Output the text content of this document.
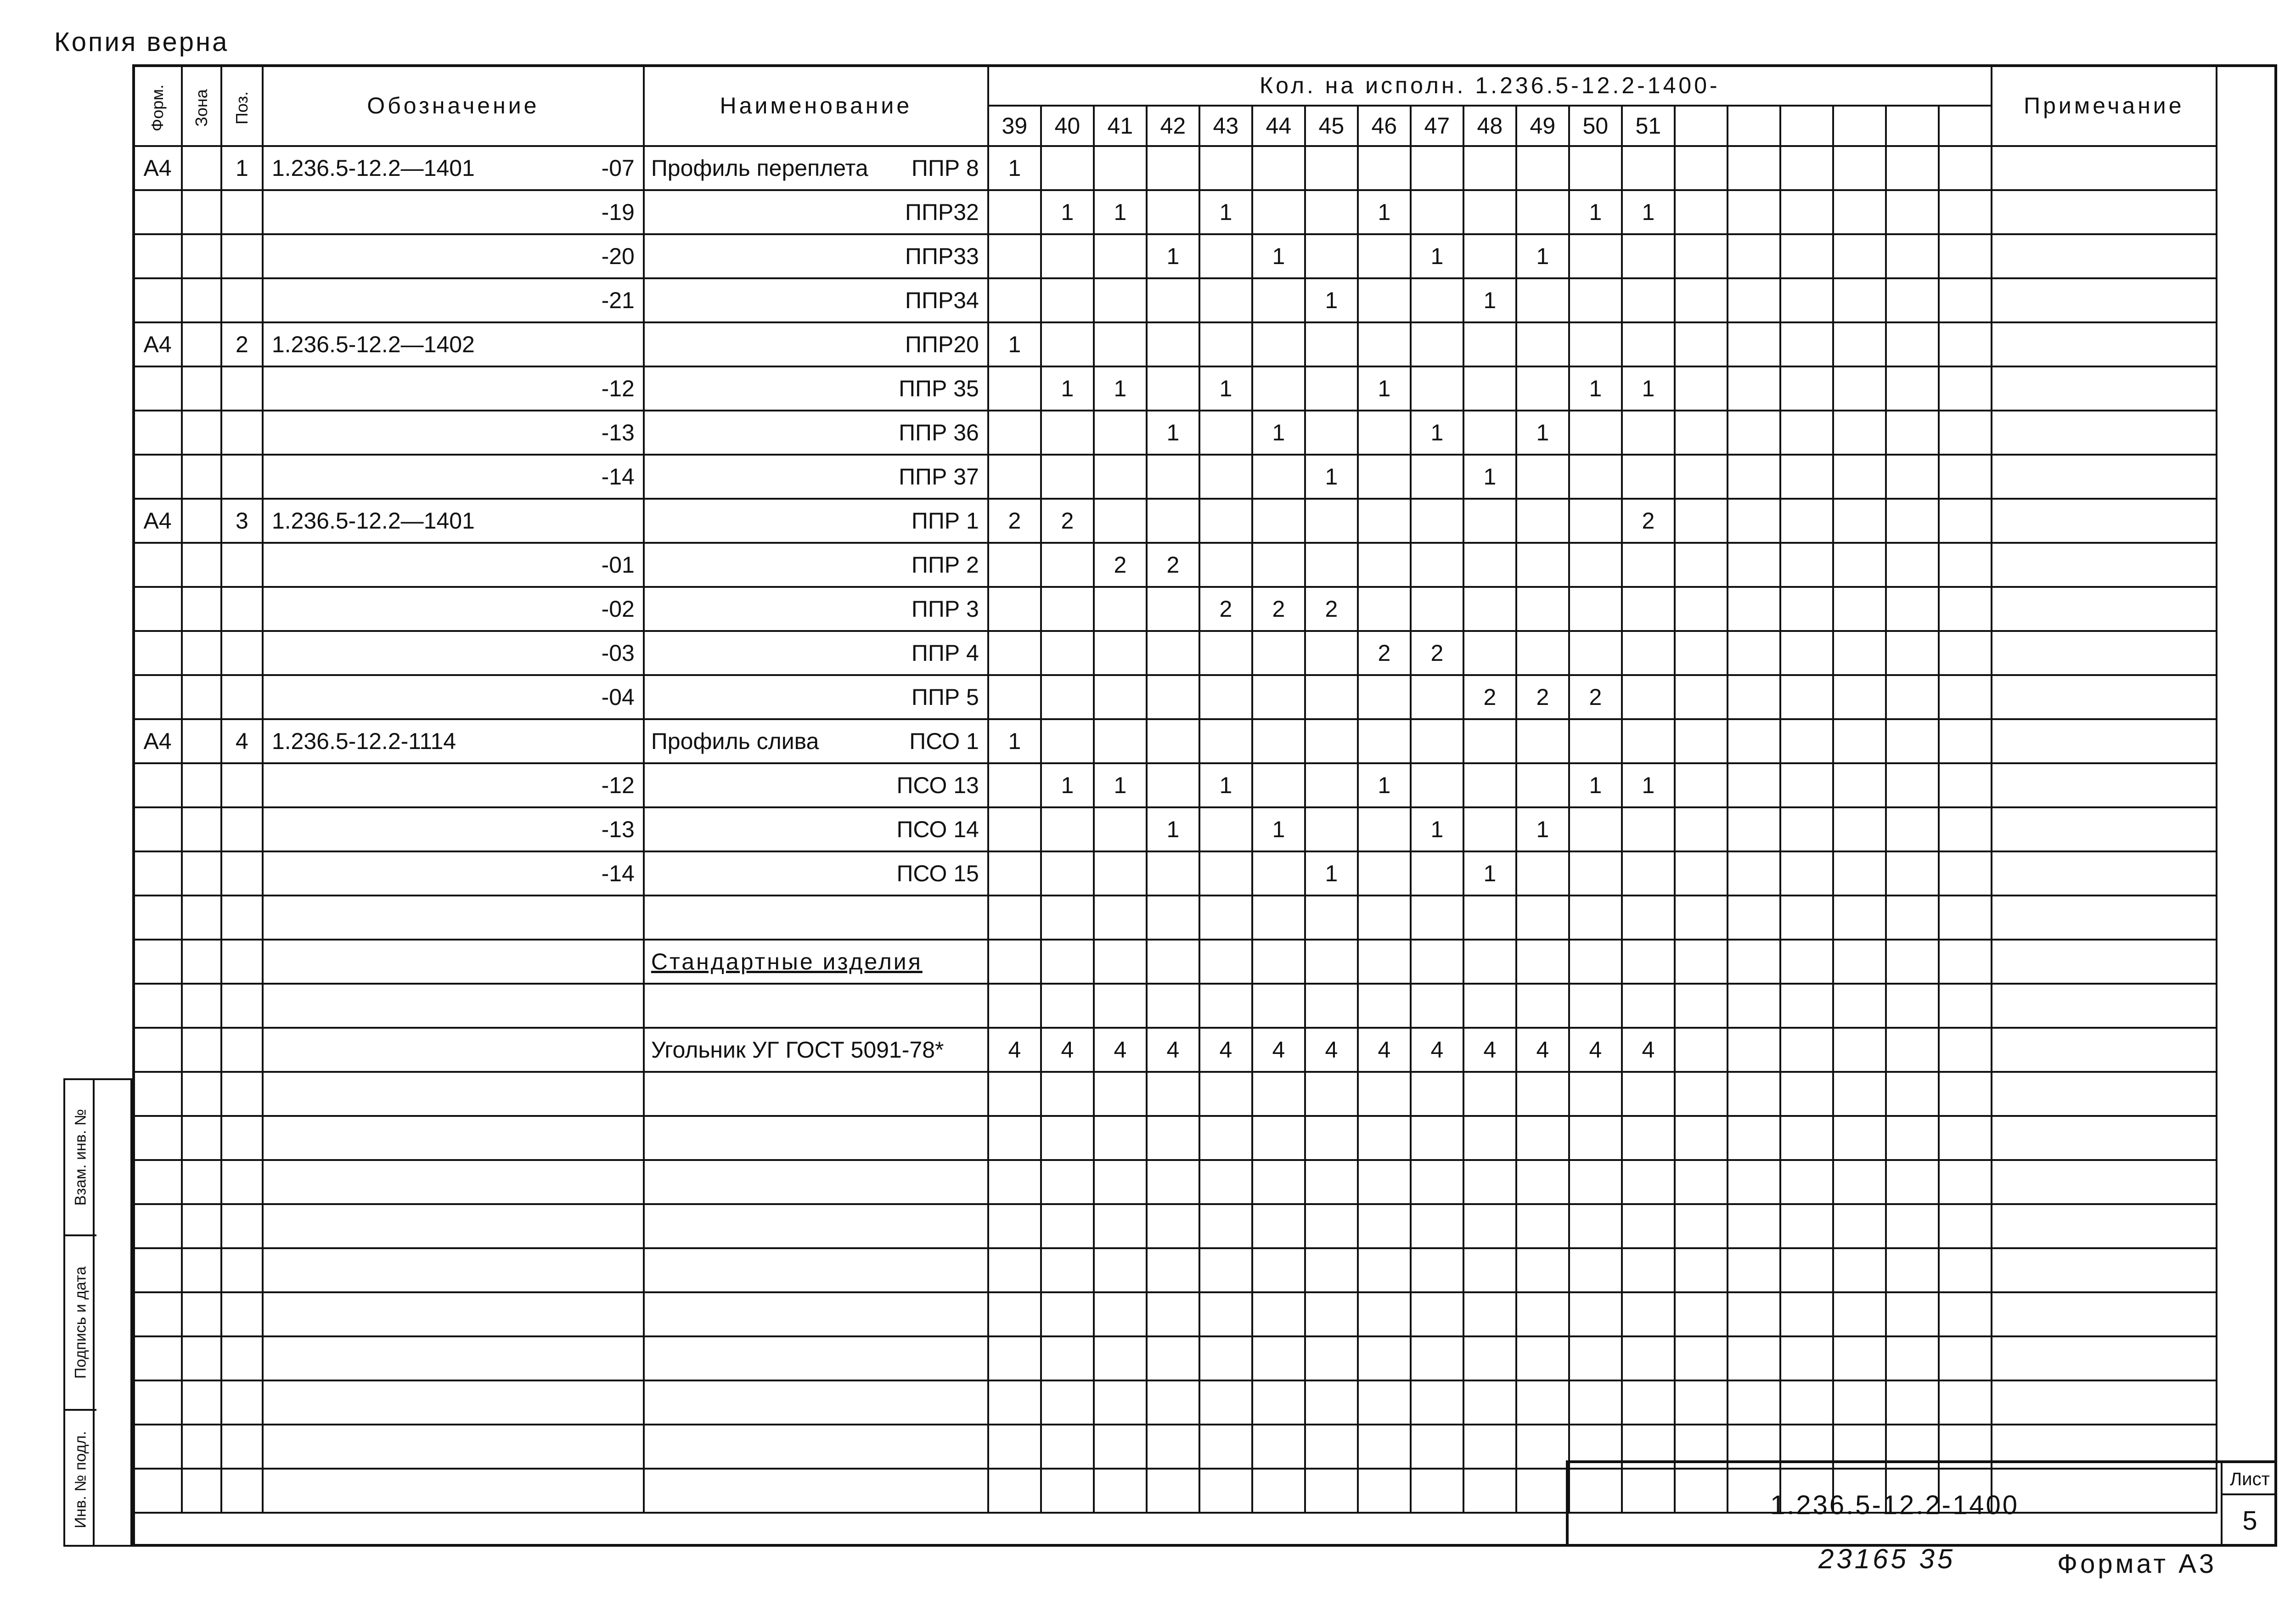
Копия верна
Взам. инв. №
Подпись и дата
Инв. № подл.
Форм.	Зона	Поз.	Обозначение	Наименование	Кол. на исполн. 1.236.5-12.2-1400-																			Примечание
					39	40	41	42	43	44	45	46	47	48	49	50	51							
А4		1	1.236.5-12.2—1401 -07	Профиль переплета ППР 8	1																			

			-19	ППР32		1	1		1			1				1	1							

			-20	ППР33				1		1			1		1									

			-21	ППР34							1			1										
А4		2	1.236.5-12.2—1402	ППР20	1																			

			-12	ППР 35		1	1		1			1				1	1							

			-13	ППР 36				1		1			1		1									

			-14	ППР 37							1			1										
А4		3	1.236.5-12.2—1401	ППР 1	2	2											2							

			-01	ППР 2			2	2																

			-02	ППР 3					2	2	2													

			-03	ППР 4								2	2											

			-04	ППР 5										2	2	2								
А4		4	1.236.5-12.2-1114	Профиль слива ПСО 1	1																			

			-12	ПСО 13		1	1		1			1				1	1							

			-13	ПСО 14				1		1			1		1									

			-14	ПСО 15							1			1										

				Стандартные изделия																				

				Угольник УГ ГОСТ 5091-78*	4	4	4	4	4	4	4	4	4	4	4	4	4							

1.236.5-12.2-1400
Лист
5
23165 35	Формат А3
